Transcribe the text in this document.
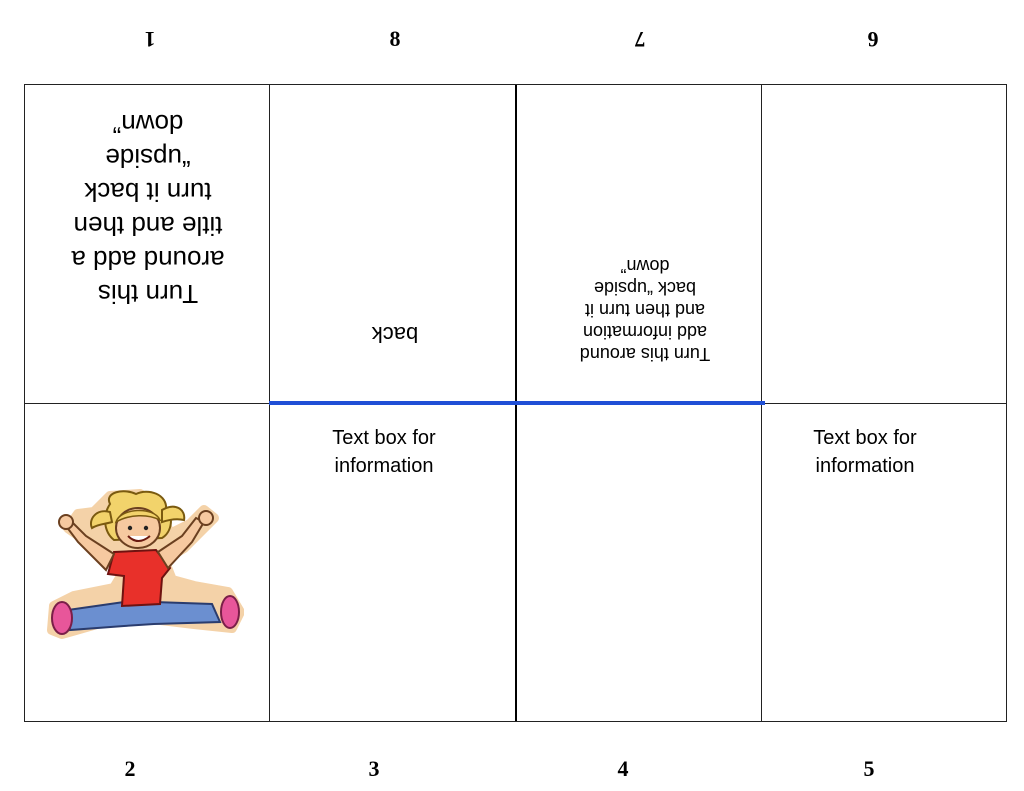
1	8	7	6
Turn this
around add a
title and then
turn it back
“upside
down”
back
Turn this around
add information
and then turn it
back “upside
down”
Text box for
information
Text box for
information
2	3	4	5
